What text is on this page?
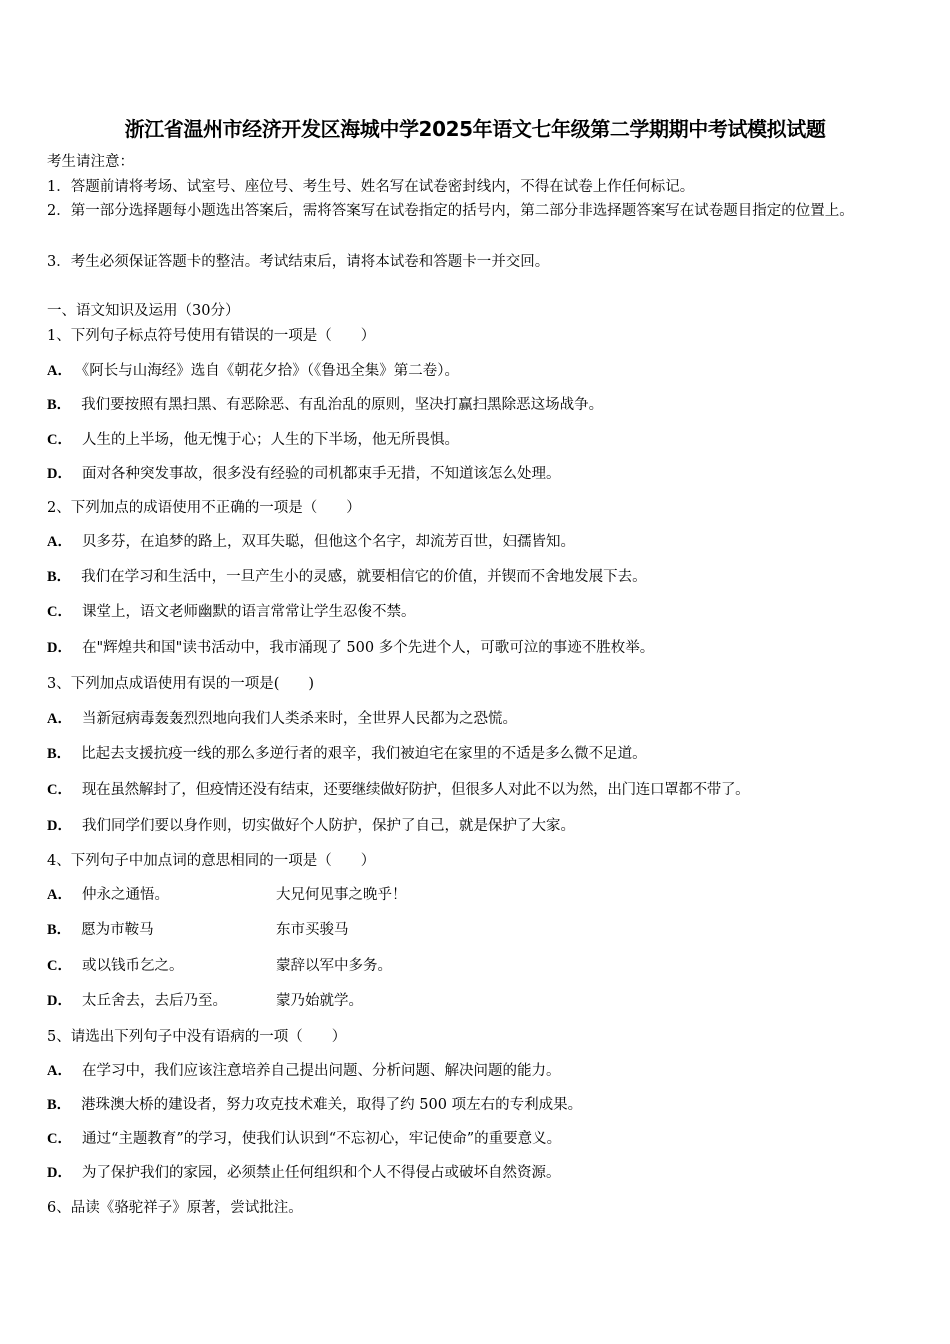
浙江省温州市经济开发区海城中学2025年语文七年级第二学期期中考试模拟试题
考生请注意：
1．答题前请将考场、试室号、座位号、考生号、姓名写在试卷密封线内，不得在试卷上作任何标记。
2．第一部分选择题每小题选出答案后，需将答案写在试卷指定的括号内，第二部分非选择题答案写在试卷题目指定的位置上。
3．考生必须保证答题卡的整洁。考试结束后，请将本试卷和答题卡一并交回。
一、语文知识及运用（30分）
1、下列句子标点符号使用有错误的一项是（　　）
A． 《阿长与山海经》选自《朝花夕拾》（《鲁迅全集》第二卷）。
B． 我们要按照有黑扫黑、有恶除恶、有乱治乱的原则，坚决打赢扫黑除恶这场战争。
C． 人生的上半场，他无愧于心；人生的下半场，他无所畏惧。
D． 面对各种突发事故，很多没有经验的司机都束手无措，不知道该怎么处理。
2、下列加点的成语使用不正确的一项是（　　）
A． 贝多芬，在追梦的路上，双耳失聪，但他这个名字，却流芳百世，妇孺皆知。
B． 我们在学习和生活中，一旦产生小的灵感，就要相信它的价值，并锲而不舍地发展下去。
C． 课堂上，语文老师幽默的语言常常让学生忍俊不禁。
D． 在"辉煌共和国"读书活动中，我市涌现了 500 多个先进个人，可歌可泣的事迹不胜枚举。
3、下列加点成语使用有误的一项是(　　)
A． 当新冠病毒轰轰烈烈地向我们人类杀来时，全世界人民都为之恐慌。
B． 比起去支援抗疫一线的那么多逆行者的艰辛，我们被迫宅在家里的不适是多么微不足道。
C． 现在虽然解封了，但疫情还没有结束，还要继续做好防护，但很多人对此不以为然，出门连口罩都不带了。
D． 我们同学们要以身作则，切实做好个人防护，保护了自己，就是保护了大家。
4、下列句子中加点词的意思相同的一项是（　　）
A． 仲永之通悟。	大兄何见事之晚乎！
B． 愿为市鞍马	东市买骏马
C． 或以钱币乞之。	蒙辞以军中多务。
D． 太丘舍去，去后乃至。	蒙乃始就学。
5、请选出下列句子中没有语病的一项（　　）
A． 在学习中，我们应该注意培养自己提出问题、分析问题、解决问题的能力。
B． 港珠澳大桥的建设者，努力攻克技术难关，取得了约 500 项左右的专利成果。
C． 通过“主题教育”的学习，使我们认识到“不忘初心，牢记使命”的重要意义。
D． 为了保护我们的家园，必须禁止任何组织和个人不得侵占或破坏自然资源。
6、品读《骆驼祥子》原著，尝试批注。
